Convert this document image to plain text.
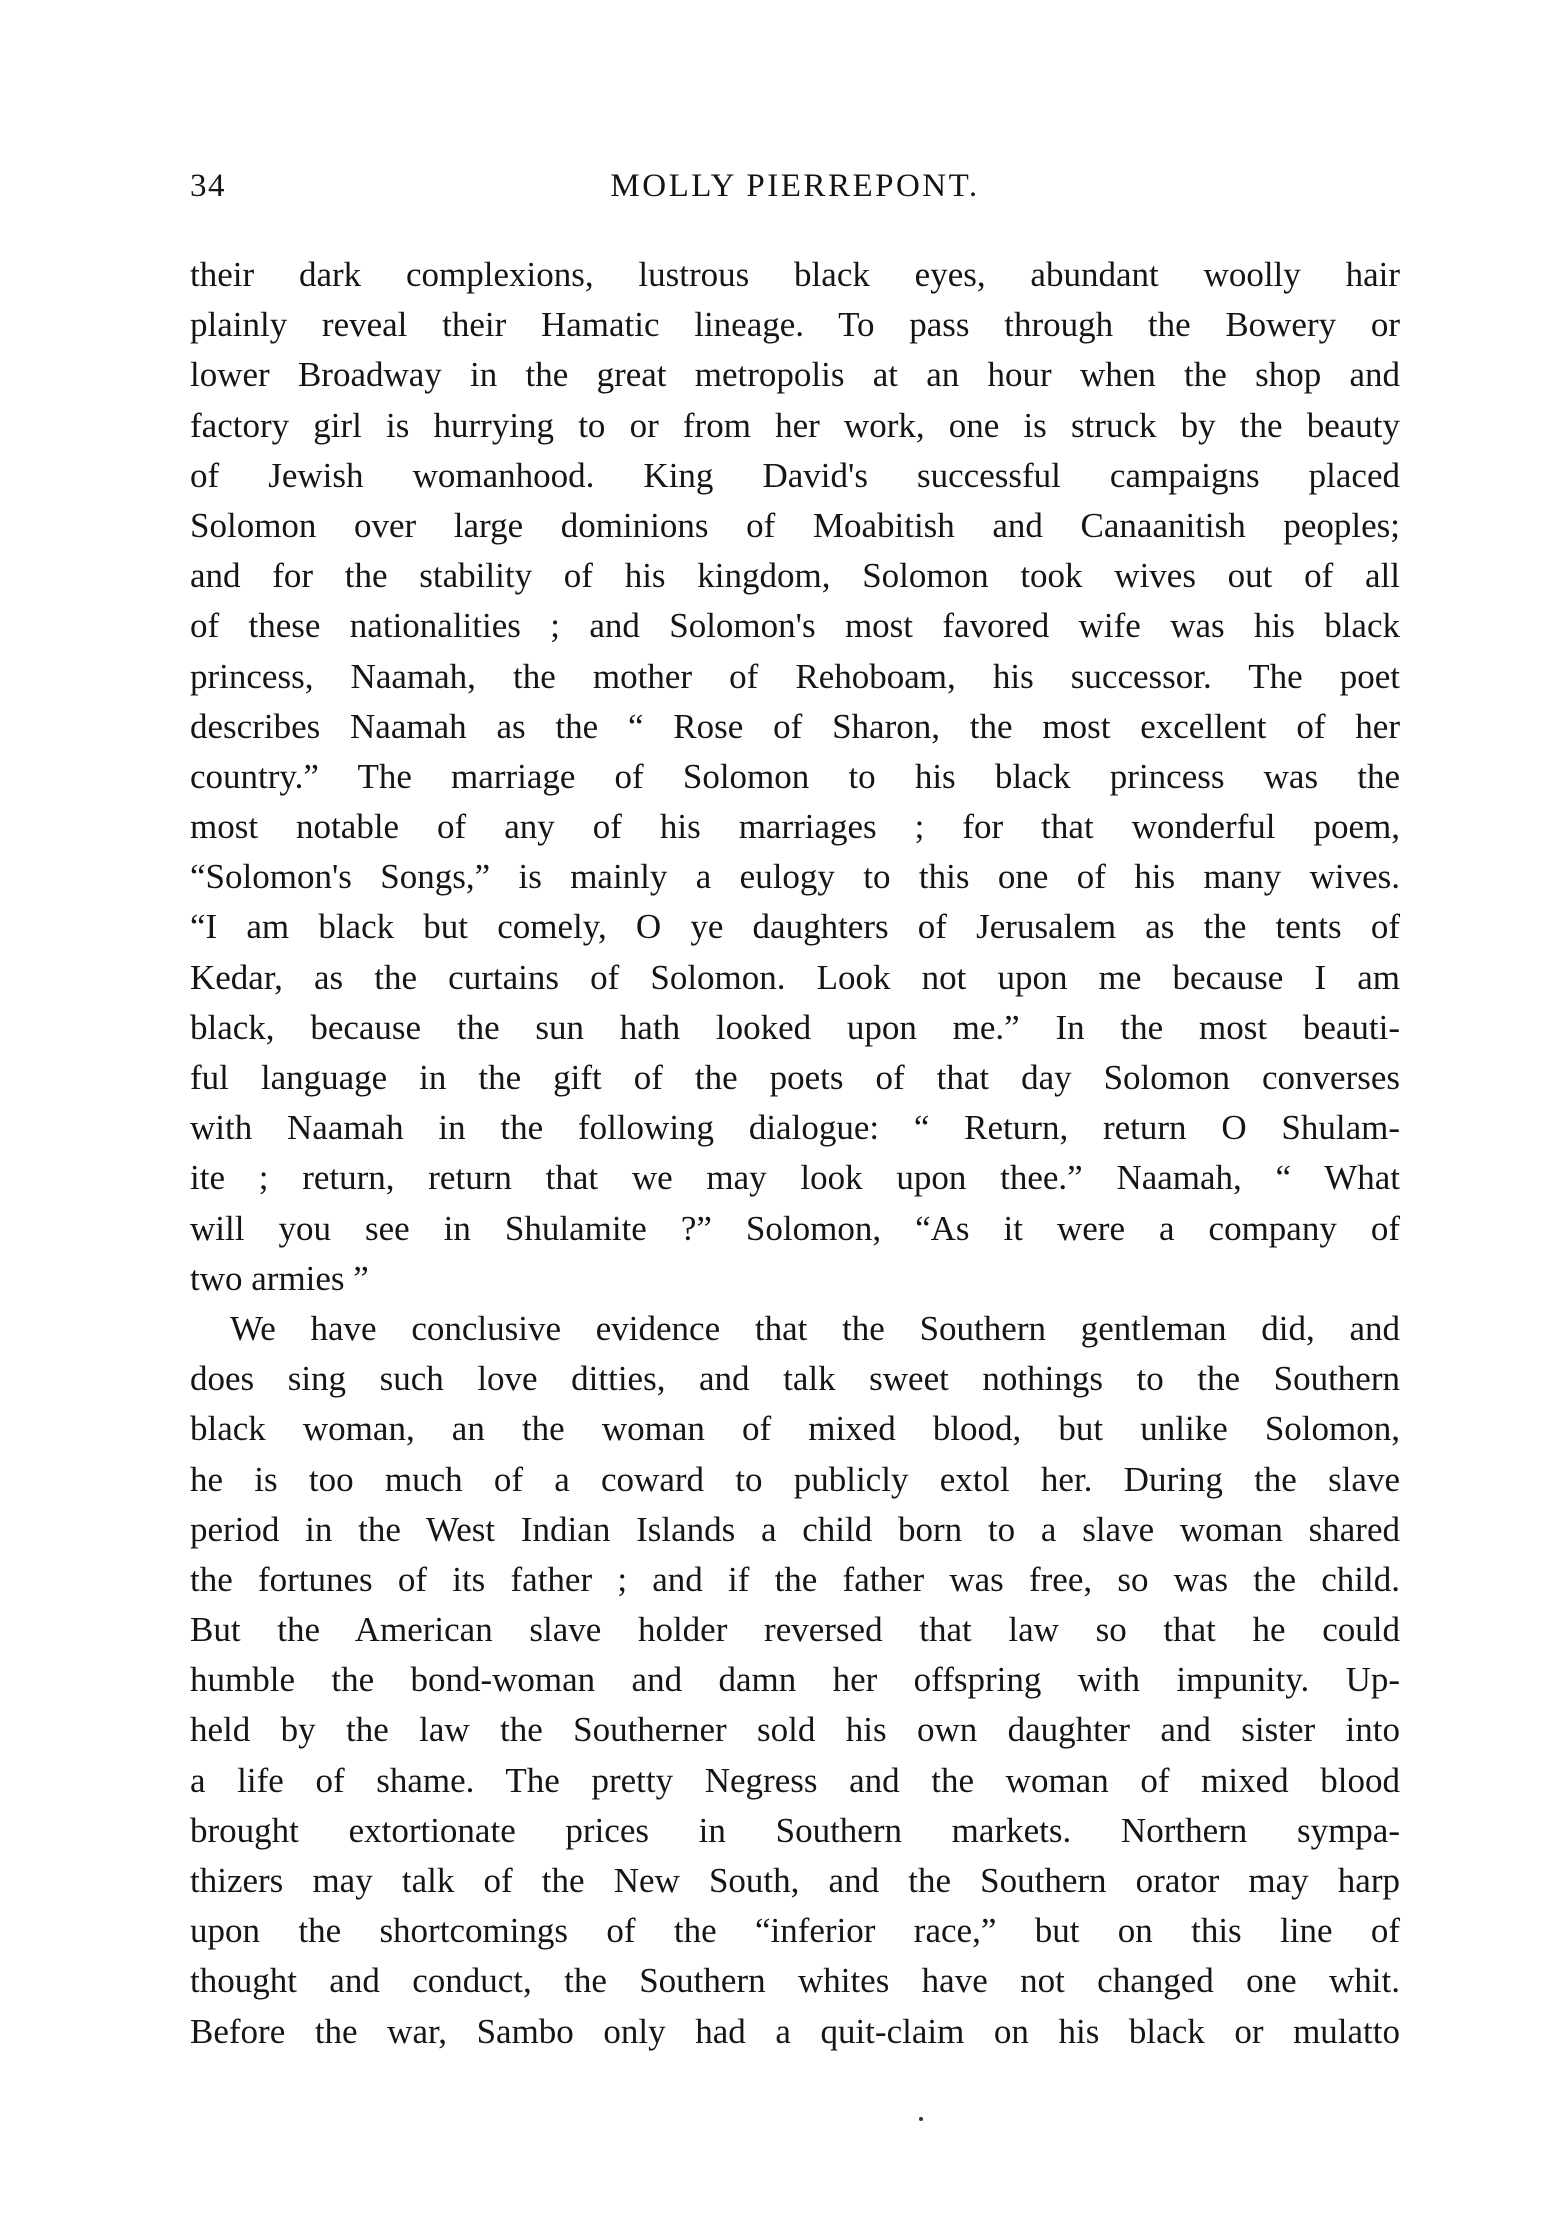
34	MOLLY PIERREPONT.

their dark complexions, lustrous black eyes, abundant woolly hair
plainly reveal their Hamatic lineage. To pass through the Bowery or
lower Broadway in the great metropolis at an hour when the shop and
factory girl is hurrying to or from her work, one is struck by the beauty
of Jewish womanhood. King David's successful campaigns placed
Solomon over large dominions of Moabitish and Canaanitish peoples;
and for the stability of his kingdom, Solomon took wives out of all
of these nationalities ; and Solomon's most favored wife was his black
princess, Naamah, the mother of Rehoboam, his successor. The poet
describes Naamah as the “ Rose of Sharon, the most excellent of her
country.” The marriage of Solomon to his black princess was the
most notable of any of his marriages ; for that wonderful poem,
“Solomon's Songs,” is mainly a eulogy to this one of his many wives.
“I am black but comely, O ye daughters of Jerusalem as the tents of
Kedar, as the curtains of Solomon. Look not upon me because I am
black, because the sun hath looked upon me.” In the most beauti-
ful language in the gift of the poets of that day Solomon converses
with Naamah in the following dialogue: “ Return, return O Shulam-
ite ; return, return that we may look upon thee.” Naamah, “ What
will you see in Shulamite ?” Solomon, “As it were a company of
two armies ”

We have conclusive evidence that the Southern gentleman did, and
does sing such love ditties, and talk sweet nothings to the Southern
black woman, an the woman of mixed blood, but unlike Solomon,
he is too much of a coward to publicly extol her. During the slave
period in the West Indian Islands a child born to a slave woman shared
the fortunes of its father ; and if the father was free, so was the child.
But the American slave holder reversed that law so that he could
humble the bond-woman and damn her offspring with impunity. Up-
held by the law the Southerner sold his own daughter and sister into
a life of shame. The pretty Negress and the woman of mixed blood
brought extortionate prices in Southern markets. Northern sympa-
thizers may talk of the New South, and the Southern orator may harp
upon the shortcomings of the “inferior race,” but on this line of
thought and conduct, the Southern whites have not changed one whit.
Before the war, Sambo only had a quit-claim on his black or mulatto
